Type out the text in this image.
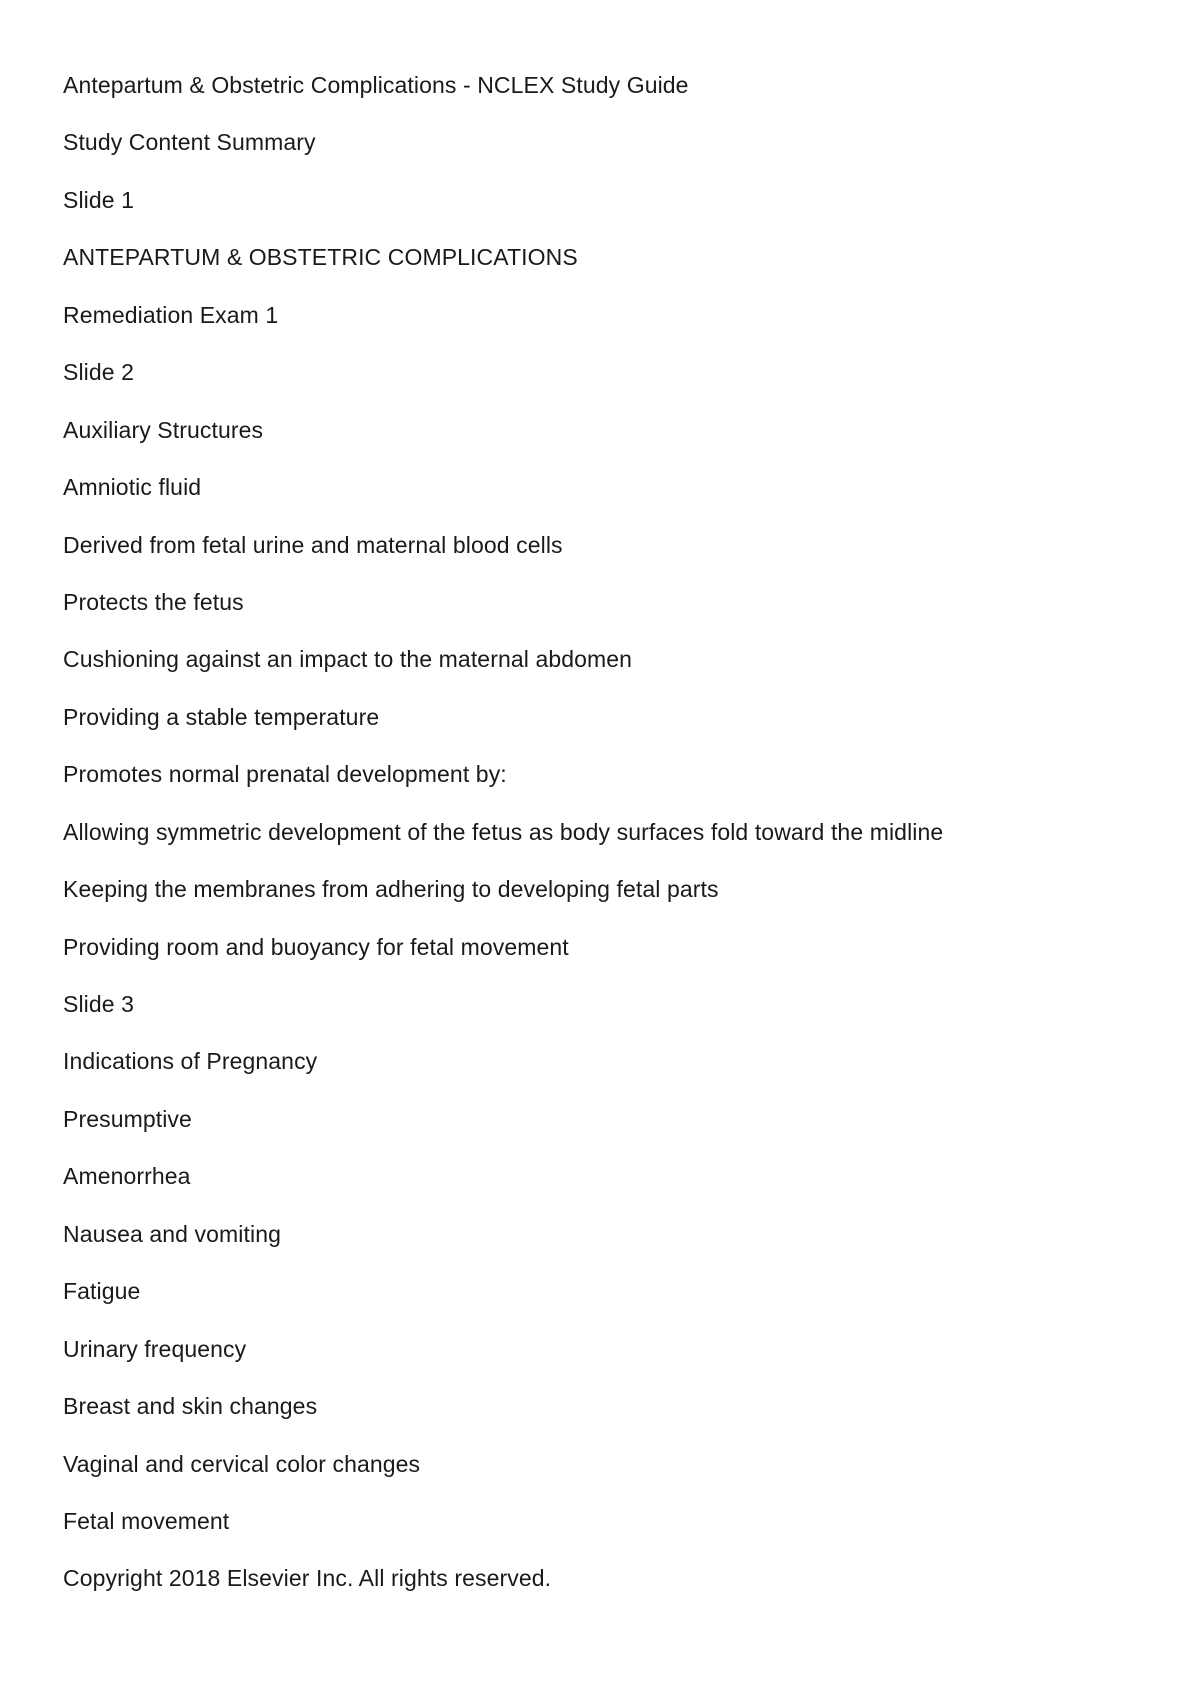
Antepartum & Obstetric Complications - NCLEX Study Guide
Study Content Summary
Slide 1
ANTEPARTUM & OBSTETRIC COMPLICATIONS
Remediation Exam 1
Slide 2
Auxiliary Structures
Amniotic fluid
Derived from fetal urine and maternal blood cells
Protects the fetus
Cushioning against an impact to the maternal abdomen
Providing a stable temperature
Promotes normal prenatal development by:
Allowing symmetric development of the fetus as body surfaces fold toward the midline
Keeping the membranes from adhering to developing fetal parts
Providing room and buoyancy for fetal movement
Slide 3
Indications of Pregnancy
Presumptive
Amenorrhea
Nausea and vomiting
Fatigue
Urinary frequency
Breast and skin changes
Vaginal and cervical color changes
Fetal movement
Copyright 2018 Elsevier Inc. All rights reserved.
